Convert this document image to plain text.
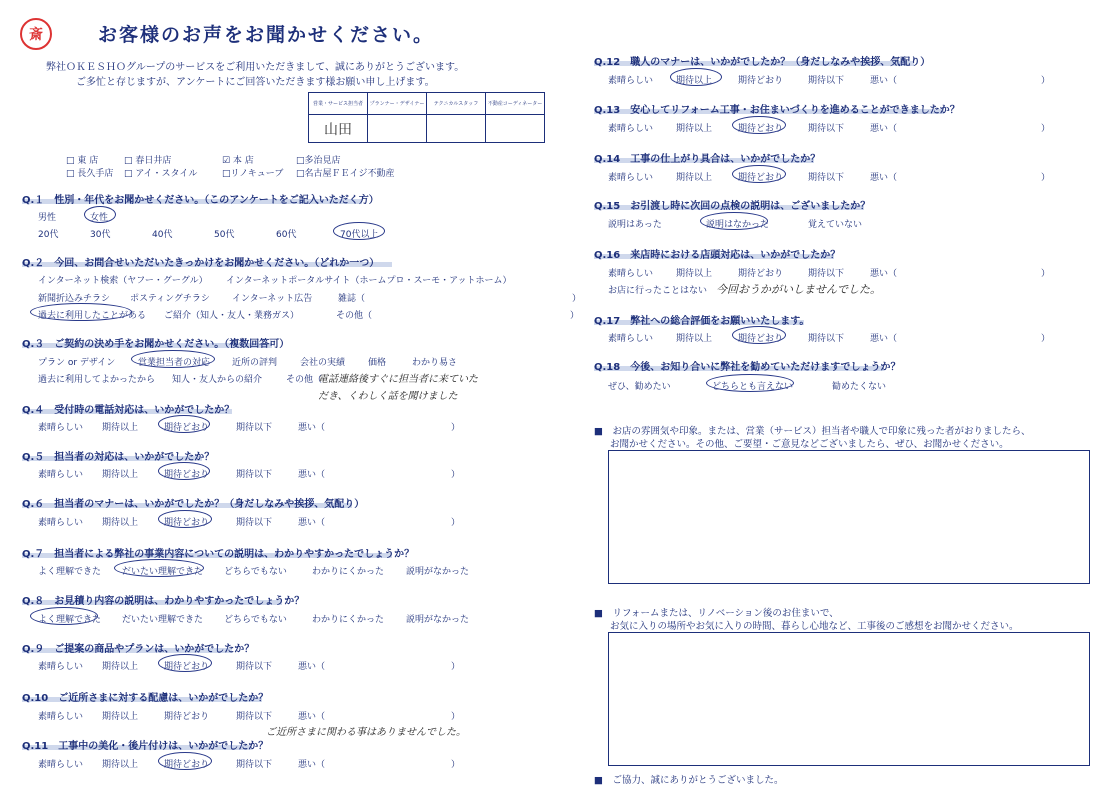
斎	お客様のお声をお聞かせください。
弊社ＯＫＥＳＨＯグループのサービスをご利用いただきまして、誠にありがとうございます。
ご多忙と存じますが、アンケートにご回答いただきます様お願い申し上げます。
営業・サービス担当者	プランナー・デザイナー	テクニカルスタッフ	不動産コーディネーター
山田			
□ 東 店	□ 春日井店	☑ 本 店	□多治見店
□ 長久手店 □ アイ・スタイル	□リノキューブ □名古屋ＦＥイジ不動産
Q.１　性別・年代をお聞かせください。（このアンケートをご記入いただく方）
男性	女性
20代	30代	40代	50代	60代	70代以上
Q.２　今回、お問合せいただいたきっかけをお聞かせください。（どれか一つ）
インターネット検索（ヤフー・グーグル） インターネットポータルサイト（ホームプロ・スーモ・アットホーム）
新聞折込みチラシ ポスティングチラシ インターネット広告	雑誌（　　　　　　　　　　　　　　　　　　　　　　　）
過去に利用したことがある ご紹介（知人・友人・業務ガス）	その他（　　　　　　　　　　　　　　　　　　　　　　）
Q.３　ご契約の決め手をお聞かせください。（複数回答可）
プラン or デザイン	営業担当者の対応 近所の評判	会社の実績	価格	わかり易さ
過去に利用してよかったから 知人・友人からの紹介	その他（
電話連絡後すぐに担当者に来ていた
だき、くわしく話を聞けました
Q.４　受付時の電話対応は、いかがでしたか？
素晴らしい 期待以上	期待どおり	期待以下	悪い（　　　　　　　　　　　　　　）
Q.５　担当者の対応は、いかがでしたか？
素晴らしい 期待以上	期待どおり	期待以下	悪い（　　　　　　　　　　　　　　）
Q.６　担当者のマナーは、いかがでしたか？（身だしなみや挨拶、気配り）
素晴らしい 期待以上	期待どおり	期待以下	悪い（　　　　　　　　　　　　　　）
Q.７　担当者による弊社の事業内容についての説明は、わかりやすかったでしょうか？
よく理解できた だいたい理解できた どちらでもない	わかりにくかった 説明がなかった
Q.８　お見積り内容の説明は、わかりやすかったでしょうか？
よく理解できた だいたい理解できた どちらでもない	わかりにくかった 説明がなかった
Q.９　ご提案の商品やプランは、いかがでしたか？
素晴らしい 期待以上	期待どおり	期待以下	悪い（　　　　　　　　　　　　　　）
Q.10　ご近所さまに対する配慮は、いかがでしたか？
素晴らしい 期待以上	期待どおり	期待以下	悪い（　　　　　　　　　　　　　　）
ご近所さまに関わる事はありませんでした。
Q.11　工事中の美化・後片付けは、いかがでしたか？
素晴らしい 期待以上	期待どおり	期待以下	悪い（　　　　　　　　　　　　　　）
Q.12　職人のマナーは、いかがでしたか？（身だしなみや挨拶、気配り）
素晴らしい	期待以上	期待どおり	期待以下	悪い（　　　　　　　　　　　　　　　　）
Q.13　安心してリフォーム工事・お住まいづくりを進めることができましたか？
素晴らしい	期待以上	期待どおり	期待以下	悪い（　　　　　　　　　　　　　　　　）
Q.14　工事の仕上がり具合は、いかがでしたか？
素晴らしい	期待以上	期待どおり	期待以下	悪い（　　　　　　　　　　　　　　　　）
Q.15　お引渡し時に次回の点検の説明は、ございましたか？
説明はあった	説明はなかった	覚えていない
Q.16　来店時における店頭対応は、いかがでしたか？
素晴らしい	期待以上	期待どおり	期待以下	悪い（　　　　　　　　　　　　　　　　）
お店に行ったことはない 今回おうかがいしませんでした。
Q.17　弊社への総合評価をお願いいたします。
素晴らしい	期待以上	期待どおり	期待以下	悪い（　　　　　　　　　　　　　　　　）
Q.18　今後、お知り合いに弊社を勧めていただけますでしょうか？
ぜひ、勧めたい	どちらとも言えない	勧めたくない
■　お店の雰囲気や印象。または、営業（サービス）担当者や職人で印象に残った者がおりましたら、
お聞かせください。その他、ご要望・ご意見などございましたら、ぜひ、お聞かせください。
■　リフォームまたは、リノベーション後のお住まいで、
お気に入りの場所やお気に入りの時間、暮らし心地など、工事後のご感想をお聞かせください。
■　ご協力、誠にありがとうございました。
